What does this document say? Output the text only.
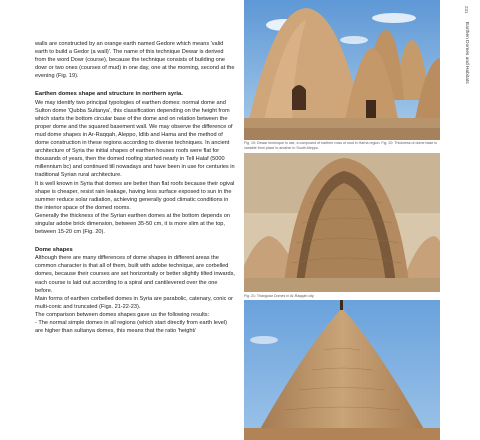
walls are constructed by an orange earth named Gedore which means 'valid earth to build a Gedor (a wall)'. The name of this technique Dewar is derived from the word Dowr (course), because the technique consists of building one dowr or two ones (courses of mud) in one day, one at the morning, second at the evening (Fig. 19).

Earthen domes shape and structure in northern syria.

We may identify two principal typologies of earthen domes: normal dome and Sulton dome 'Qubba Sultanya', this classification depending on the height from which starts the bottom circular base of the dome and on relation between the proper dome and the squared basement wall. We may observe the difference of mud dome shapes in Ar-Raqqah, Aleppo, Idlib and Hama and the method of dome construction in these regions according to diverse techniques. In ancient architecture of Syria the initial shapes of earthen houses roofs were flat for thousands of years, then the domed roofing started nearly in Tell Halaf (5000 millennium bc) and continued till nowadays and have been in use for centuries in traditional Syrian rural architecture.

It is well known in Syria that domes are better than flat roofs because their ogival shape is cheaper, resist rain leakage, having less surface exposed to sun in the summer reduce solar radiation, achieving generally good climatic conditions in the interior space of the domed rooms.

Generally the thickness of the Syrian earthen domes at the bottom depends on singular adobe brick dimension, between 35-50 cm, it is more slim at the top, between 15-20 cm (Fig. 20).

Dome shapes

Although there are many differences of dome shapes in different areas the common character is that all of them, built with adobe technique, are corbelled domes, because their courses are set horizontally or better slightly tilted inwards, each course is laid out according to a spiral and cantilevered over the one before.

Main forms of earthen corbelled domes in Syria are parabolic, catenary, conic or multi-conic and truncated (Figs. 21-22-23).

The comparison between domes shapes gave us the following results:

- The normal simple domes in all regions (which start directly from earth level) are higher than sultanya domes, this means that the ratio 'height/

Fig. 19: Dewar technique in use, a composed of earthen rows of mud in Harha region. Fig. 20: Thickness of dome base is variable from place to another in South Aleppo.
Fig. 21: Triangular Domes in Ar-Raqqah city.
231
Earthen Domes and Habitats
